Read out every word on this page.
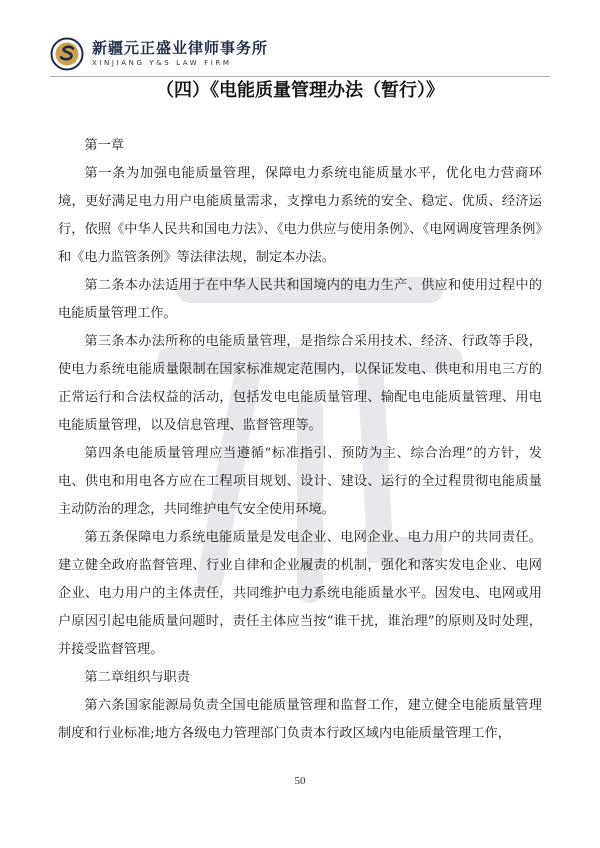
新疆元正盛业律师事务所
XINJIANG Y&S LAW FIRM
（四）《电能质量管理办法（暂行）》

第一章

第一条为加强电能质量管理，保障电力系统电能质量水平，优化电力营商环境，更好满足电力用户电能质量需求，支撑电力系统的安全、稳定、优质、经济运行，依照《中华人民共和国电力法》、《电力供应与使用条例》、《电网调度管理条例》和《电力监管条例》等法律法规，制定本办法。

第二条本办法适用于在中华人民共和国境内的电力生产、供应和使用过程中的电能质量管理工作。

第三条本办法所称的电能质量管理，是指综合采用技术、经济、行政等手段，使电力系统电能质量限制在国家标准规定范围内，以保证发电、供电和用电三方的正常运行和合法权益的活动，包括发电电能质量管理、输配电电能质量管理、用电电能质量管理，以及信息管理、监督管理等。

第四条电能质量管理应当遵循“标准指引、预防为主、综合治理”的方针，发电、供电和用电各方应在工程项目规划、设计、建设、运行的全过程贯彻电能质量主动防治的理念，共同维护电气安全使用环境。

第五条保障电力系统电能质量是发电企业、电网企业、电力用户的共同责任。建立健全政府监督管理、行业自律和企业履责的机制，强化和落实发电企业、电网企业、电力用户的主体责任，共同维护电力系统电能质量水平。因发电、电网或用户原因引起电能质量问题时，责任主体应当按“谁干扰，谁治理”的原则及时处理，并接受监督管理。

第二章组织与职责

第六条国家能源局负责全国电能质量管理和监督工作，建立健全电能质量管理制度和行业标准;地方各级电力管理部门负责本行政区域内电能质量管理工作，

50
